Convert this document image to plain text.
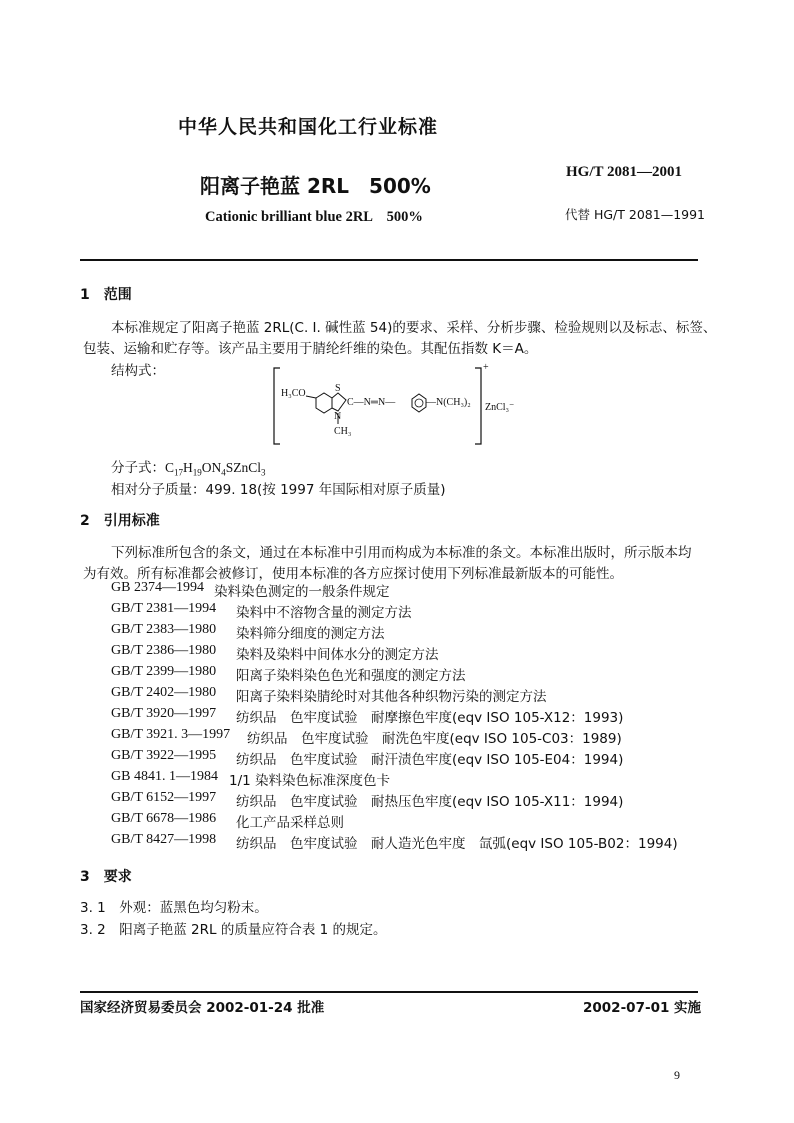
中华人民共和国化工行业标准
阳离子艳蓝 2RL　500%
HG/T 2081—2001
Cationic brilliant blue 2RL　500%	代替 HG/T 2081—1991
1　范围
本标准规定了阳离子艳蓝 2RL(C. I. 碱性蓝 54)的要求、采样、分析步骤、检验规则以及标志、标签、
包装、运输和贮存等。该产品主要用于腈纶纤维的染色。其配伍指数 K＝A。
结构式：
H₃CO	S
C—N═N—
N
CH₃
—N(CH₃)₂
+
ZnCl₃⁻
分子式：$C_{17}H_{19}ON_4SZnCl_3$
相对分子质量：499. 18(按 1997 年国际相对原子质量)
2　引用标准
下列标准所包含的条文，通过在本标准中引用而构成为本标准的条文。本标准出版时，所示版本均
为有效。所有标准都会被修订，使用本标准的各方应探讨使用下列标准最新版本的可能性。
GB 2374—1994 染料染色测定的一般条件规定
GB/T 2381—1994 染料中不溶物含量的测定方法
GB/T 2383—1980 染料筛分细度的测定方法
GB/T 2386—1980 染料及染料中间体水分的测定方法
GB/T 2399—1980 阳离子染料染色色光和强度的测定方法
GB/T 2402—1980 阳离子染料染腈纶时对其他各种织物污染的测定方法
GB/T 3920—1997 纺织品　色牢度试验　耐摩擦色牢度(eqv ISO 105-X12：1993)
GB/T 3921. 3—1997 纺织品　色牢度试验　耐洗色牢度(eqv ISO 105-C03：1989)
GB/T 3922—1995 纺织品　色牢度试验　耐汗渍色牢度(eqv ISO 105-E04：1994)
GB 4841. 1—1984 1/1 染料染色标准深度色卡
GB/T 6152—1997 纺织品　色牢度试验　耐热压色牢度(eqv ISO 105-X11：1994)
GB/T 6678—1986 化工产品采样总则
GB/T 8427—1998 纺织品　色牢度试验　耐人造光色牢度　氙弧(eqv ISO 105-B02：1994)
3　要求
3. 1　外观：蓝黑色均匀粉末。
3. 2　阳离子艳蓝 2RL 的质量应符合表 1 的规定。
国家经济贸易委员会 2002-01-24 批准	2002-07-01 实施
9
